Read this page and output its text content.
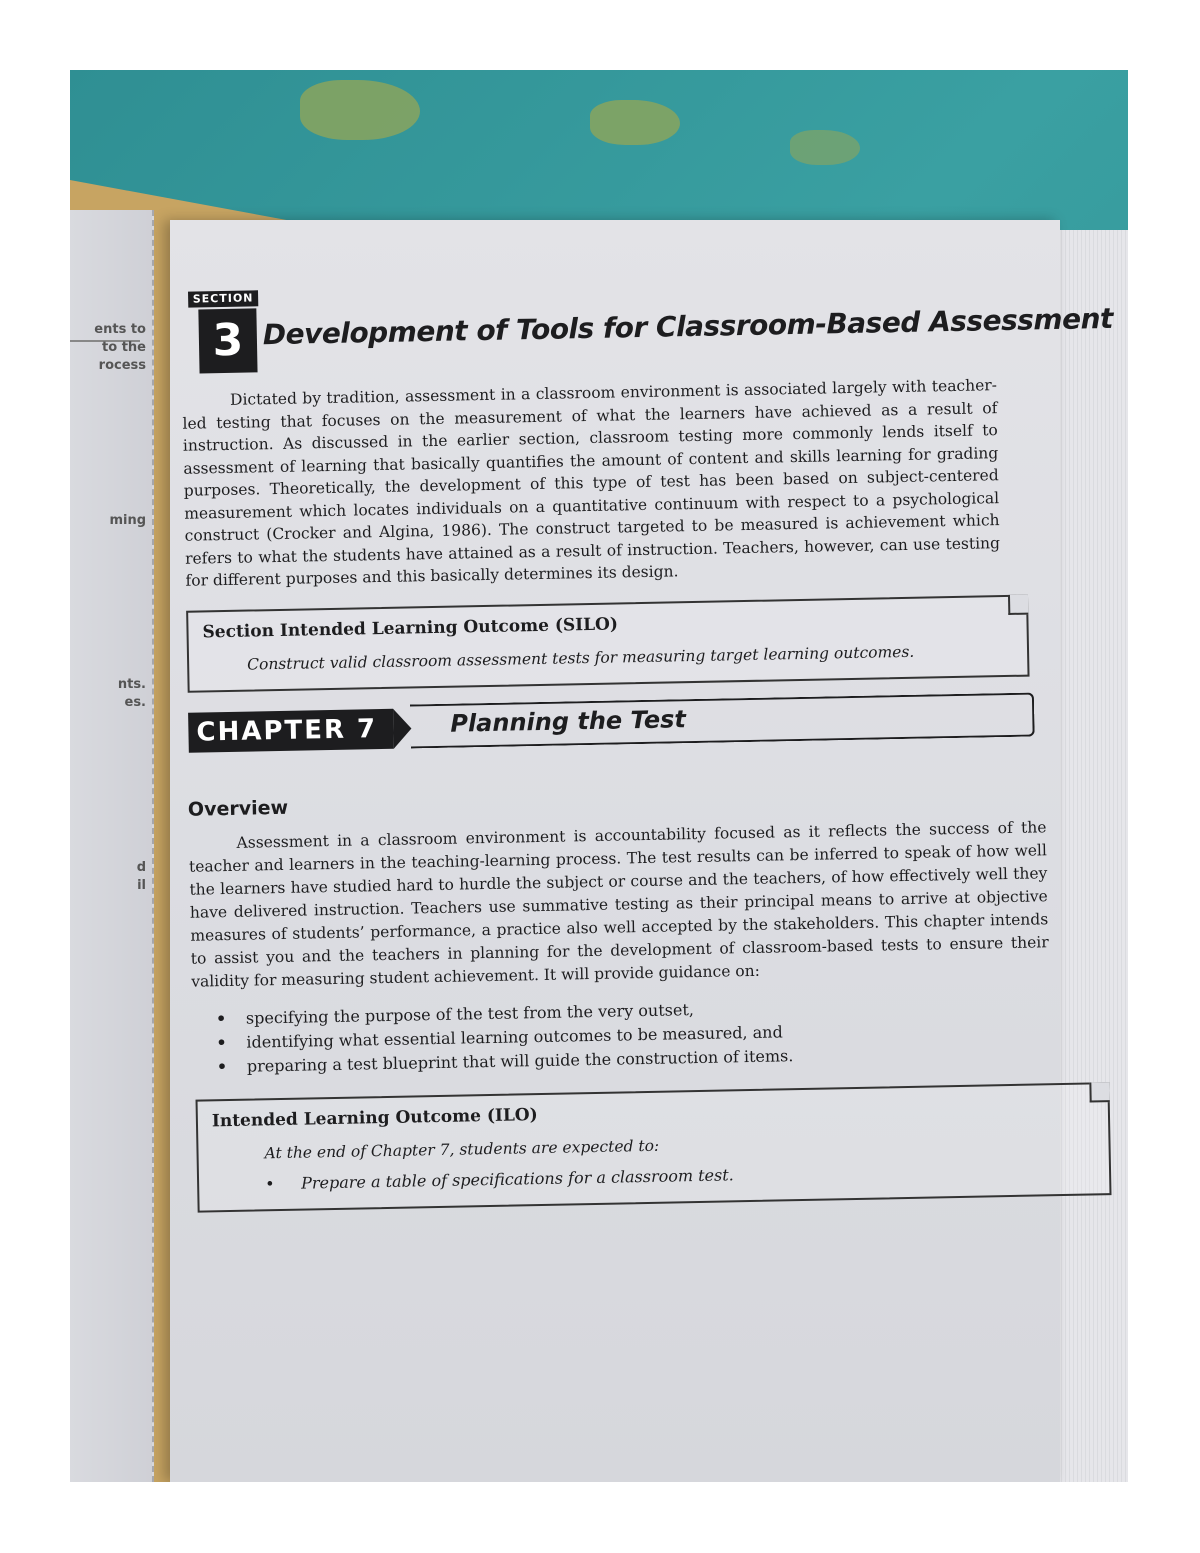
ents to
to the
rocess
ming
nts.
es.
d
il
SECTION
3 Development of Tools for Classroom-Based Assessment
Dictated by tradition, assessment in a classroom environment is associated largely with teacher-led testing that focuses on the measurement of what the learners have achieved as a result of instruction. As discussed in the earlier section, classroom testing more commonly lends itself to assessment of learning that basically quantifies the amount of content and skills learning for grading purposes. Theoretically, the development of this type of test has been based on subject-centered measurement which locates individuals on a quantitative continuum with respect to a psychological construct (Crocker and Algina, 1986). The construct targeted to be measured is achievement which refers to what the students have attained as a result of instruction. Teachers, however, can use testing for different purposes and this basically determines its design.
Section Intended Learning Outcome (SILO)
Construct valid classroom assessment tests for measuring target learning outcomes.
CHAPTER 7	Planning the Test
Overview
Assessment in a classroom environment is accountability focused as it reflects the success of the teacher and learners in the teaching-learning process. The test results can be inferred to speak of how well the learners have studied hard to hurdle the subject or course and the teachers, of how effectively well they have delivered instruction. Teachers use summative testing as their principal means to arrive at objective measures of students’ performance, a practice also well accepted by the stakeholders. This chapter intends to assist you and the teachers in planning for the development of classroom-based tests to ensure their validity for measuring student achievement. It will provide guidance on:
• specifying the purpose of the test from the very outset,
• identifying what essential learning outcomes to be measured, and
• preparing a test blueprint that will guide the construction of items.
Intended Learning Outcome (ILO)
At the end of Chapter 7, students are expected to:
• Prepare a table of specifications for a classroom test.
